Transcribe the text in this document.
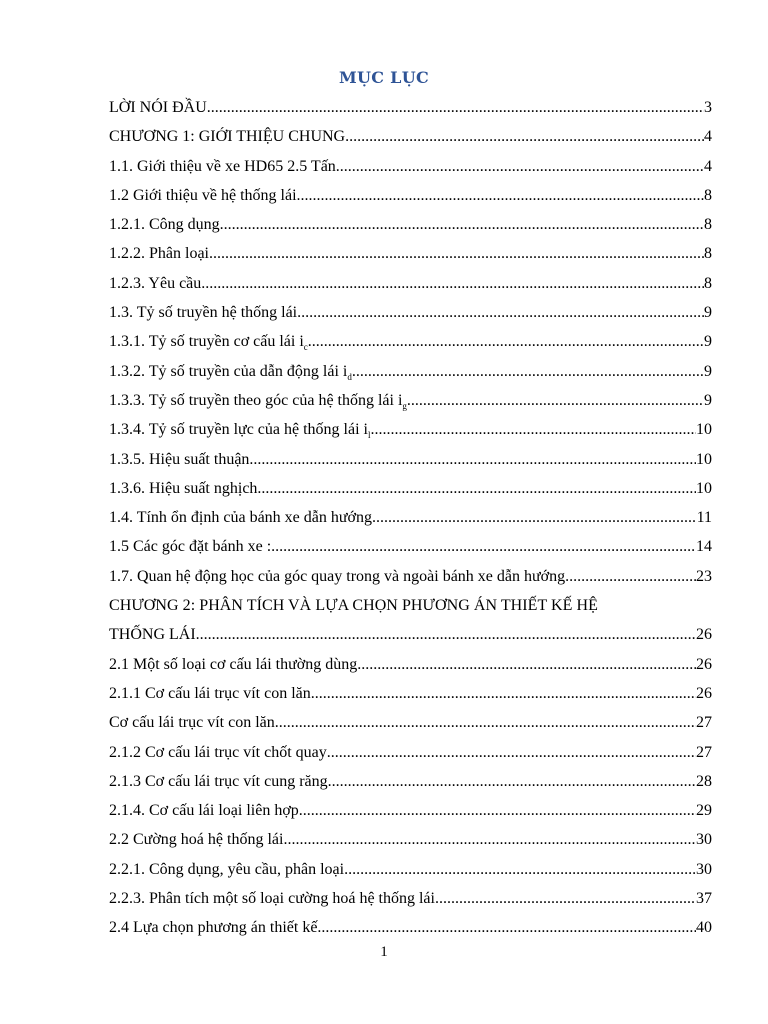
MỤC LỤC
LỜI NÓI ĐẦU .....	3
CHƯƠNG 1: GIỚI THIỆU CHUNG .....	4
1.1. Giới thiệu về xe HD65 2.5 Tấn .....	4
1.2 Giới thiệu về hệ thống lái .....	8
1.2.1. Công dụng .....	8
1.2.2. Phân loại .....	8
1.2.3. Yêu cầu .....	8
1.3. Tỷ số truyền hệ thống lái .....	9
1.3.1. Tỷ số truyền cơ cấu lái $i_c$ .....	9
1.3.2. Tỷ số truyền của dẫn động lái $i_d$ .....	9
1.3.3. Tỷ số truyền theo góc của hệ thống lái $i_g$ .....	9
1.3.4. Tỷ số truyền lực của hệ thống lái $i_l$ .....	10
1.3.5. Hiệu suất thuận .....	10
1.3.6. Hiệu suất nghịch .....	10
1.4. Tính ổn định của bánh xe dẫn hướng .....	11
1.5 Các góc đặt bánh xe : .....	14
1.7. Quan hệ động học của góc quay trong và ngoài bánh xe dẫn hướng .....	23
CHƯƠNG 2: PHÂN TÍCH VÀ LỰA CHỌN PHƯƠNG ÁN THIẾT KẾ HỆ
THỐNG LÁI .....	26
2.1 Một số loại cơ cấu lái thường dùng .....	26
2.1.1 Cơ cấu lái trục vít con lăn .....	26
Cơ cấu lái trục vít con lăn .....	27
2.1.2 Cơ cấu lái trục vít chốt quay .....	27
2.1.3 Cơ cấu lái trục vít cung răng .....	28
2.1.4. Cơ cấu lái loại liên hợp .....	29
2.2 Cường hoá hệ thống lái .....	30
2.2.1. Công dụng, yêu cầu, phân loại .....	30
2.2.3. Phân tích một số loại cường hoá hệ thống lái .....	37
2.4 Lựa chọn phương án thiết kế .....	40
1
